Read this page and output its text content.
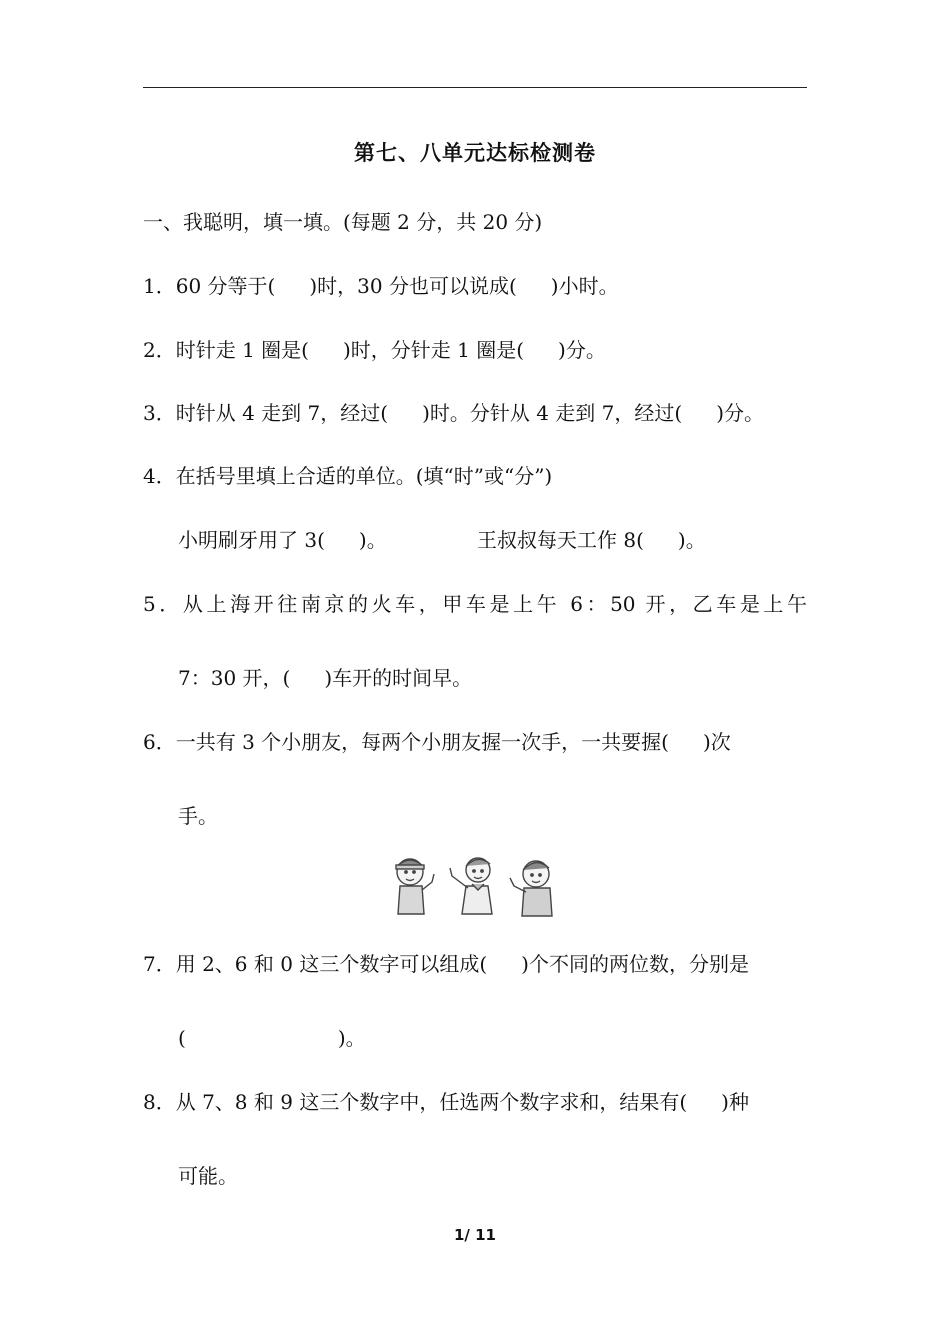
第七、八单元达标检测卷
一、我聪明，填一填。(每题 2 分，共 20 分)
1．60 分等于( )时，30 分也可以说成( )小时。
2．时针走 1 圈是( )时，分针走 1 圈是( )分。
3．时针从 4 走到 7，经过( )时。分针从 4 走到 7，经过( )分。
4．在括号里填上合适的单位。(填“时”或“分”)
小明刷牙用了 3( )。	王叔叔每天工作 8( )。
5．从上海开往南京的火车，甲车是上午 6：50 开，乙车是上午
7：30 开，( )车开的时间早。
6．一共有 3 个小朋友，每两个小朋友握一次手，一共要握( )次
手。
7．用 2、6 和 0 这三个数字可以组成( )个不同的两位数，分别是
(	)。
8．从 7、8 和 9 这三个数字中，任选两个数字求和，结果有( )种
可能。
1/ 11
